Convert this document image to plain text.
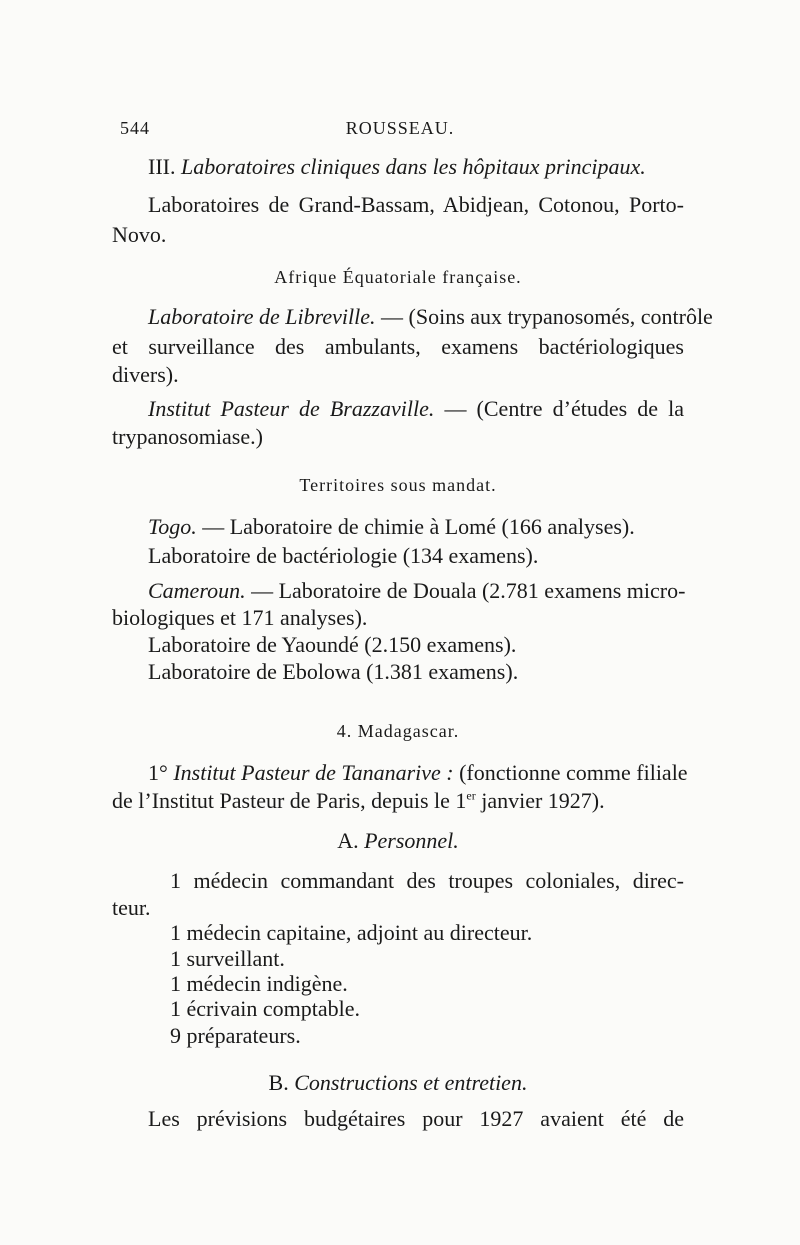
544	ROUSSEAU.
III. Laboratoires cliniques dans les hôpitaux principaux.
Laboratoires de Grand-Bassam, Abidjean, Cotonou, Porto-
Novo.
Afrique Équatoriale française.
Laboratoire de Libreville. — (Soins aux trypanosomés, contrôle
et surveillance des ambulants, examens bactériologiques
divers).
Institut Pasteur de Brazzaville. — (Centre d’études de la
trypanosomiase.)
Territoires sous mandat.
Togo. — Laboratoire de chimie à Lomé (166 analyses).
Laboratoire de bactériologie (134 examens).
Cameroun. — Laboratoire de Douala (2.781 examens micro-
biologiques et 171 analyses).
Laboratoire de Yaoundé (2.150 examens).
Laboratoire de Ebolowa (1.381 examens).
4. Madagascar.
1° Institut Pasteur de Tananarive : (fonctionne comme filiale
de l’Institut Pasteur de Paris, depuis le 1er janvier 1927).
A. Personnel.
1 médecin commandant des troupes coloniales, direc-
teur.
1 médecin capitaine, adjoint au directeur.
1 surveillant.
1 médecin indigène.
1 écrivain comptable.
9 préparateurs.
B. Constructions et entretien.
Les prévisions budgétaires pour 1927 avaient été de
